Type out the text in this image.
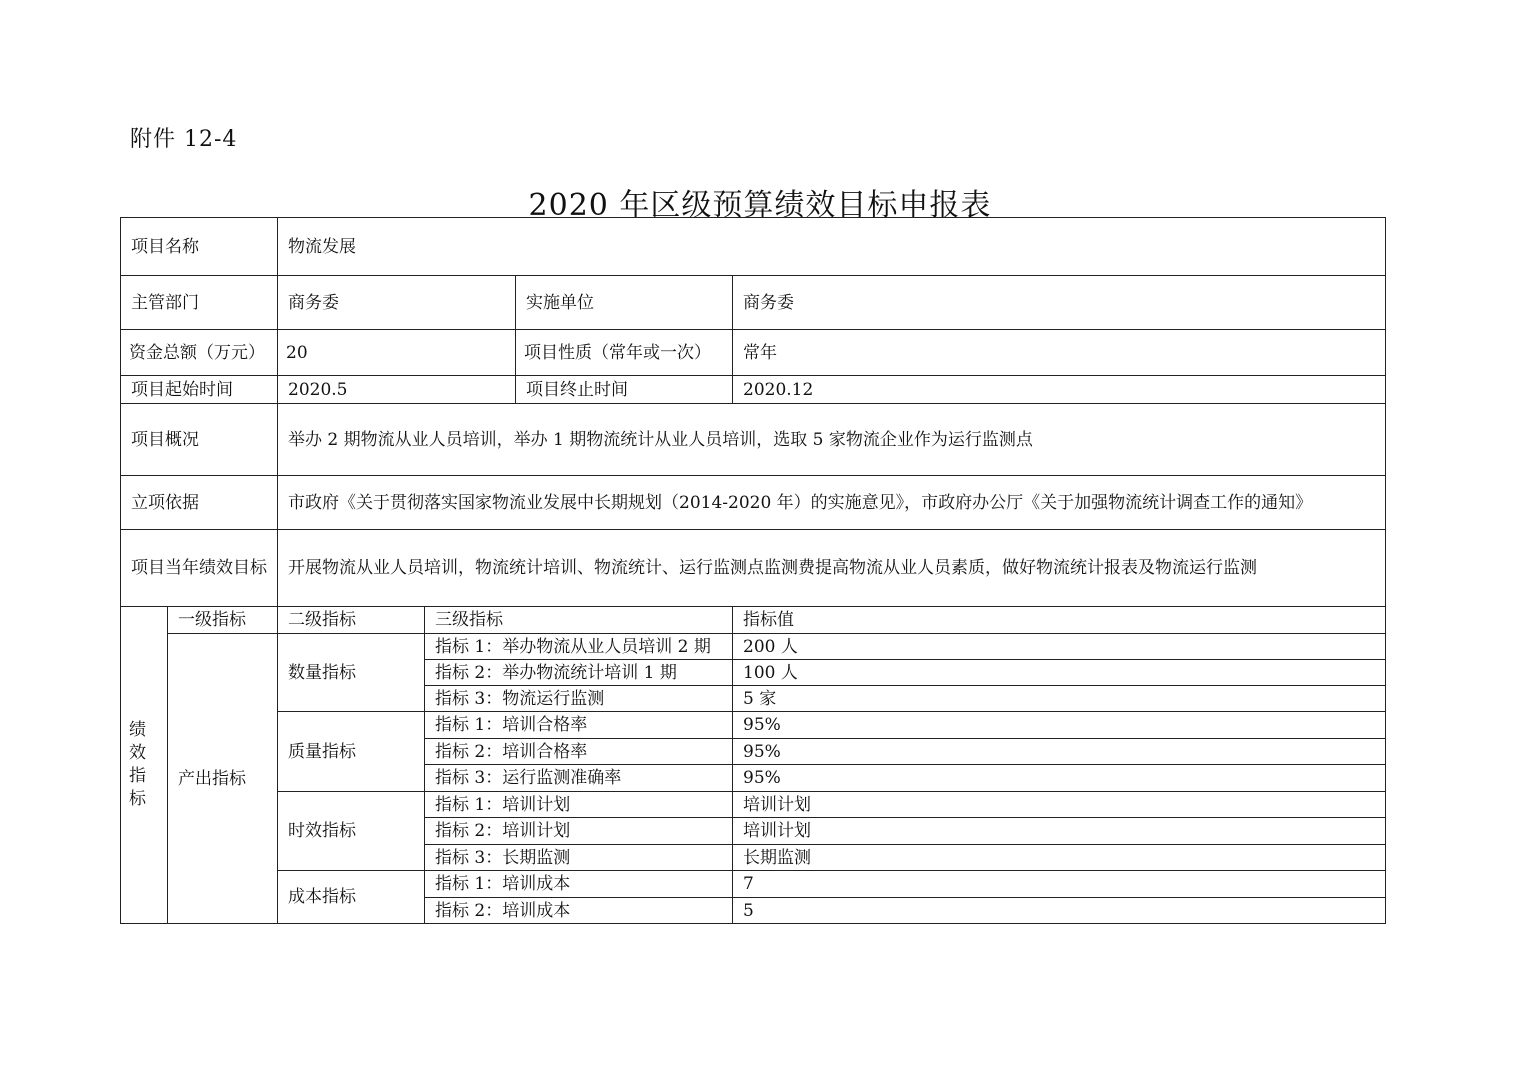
附件 12-4
2020 年区级预算绩效目标申报表
项目名称		物流发展			
主管部门		商务委		实施单位	商务委
资金总额（万元）		20		项目性质（常年或一次）	常年
项目起始时间		2020.5		项目终止时间	2020.12
项目概况		举办 2 期物流从业人员培训，举办 1 期物流统计从业人员培训，选取 5 家物流企业作为运行监测点			
立项依据		市政府《关于贯彻落实国家物流业发展中长期规划（2014-2020 年）的实施意见》，市政府办公厅《关于加强物流统计调查工作的通知》			
项目当年绩效目标		开展物流从业人员培训，物流统计培训、物流统计、运行监测点监测费提高物流从业人员素质，做好物流统计报表及物流运行监测			

绩
效
指
标	一级指标	二级指标	三级指标		指标值
	产出指标	数量指标	指标 1：举办物流从业人员培训 2 期		200 人
			指标 2：举办物流统计培训 1 期		100 人
			指标 3：物流运行监测		5 家
		质量指标	指标 1：培训合格率		95%
			指标 2：培训合格率		95%
			指标 3：运行监测准确率		95%
		时效指标	指标 1：培训计划		培训计划
			指标 2：培训计划		培训计划
			指标 3：长期监测		长期监测
		成本指标	指标 1：培训成本		7
			指标 2：培训成本		5
